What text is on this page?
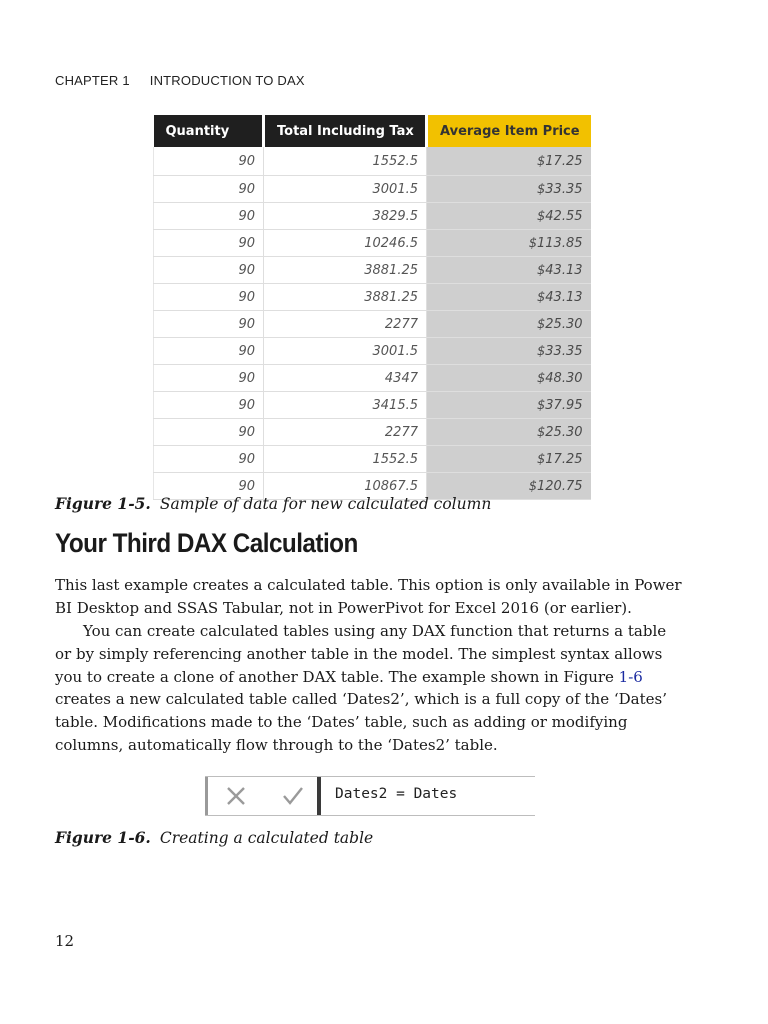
CHAPTER 1 INTRODUCTION TO DAX
Quantity	Total Including Tax	Average Item Price
90	1552.5	$17.25
90	3001.5	$33.35
90	3829.5	$42.55
90	10246.5	$113.85
90	3881.25	$43.13
90	3881.25	$43.13
90	2277	$25.30
90	3001.5	$33.35
90	4347	$48.30
90	3415.5	$37.95
90	2277	$25.30
90	1552.5	$17.25
90	10867.5	$120.75
Figure 1-5. Sample of data for new calculated column
Your Third DAX Calculation

This last example creates a calculated table. This option is only available in Power BI Desktop and SSAS Tabular, not in PowerPivot for Excel 2016 (or earlier).

You can create calculated tables using any DAX function that returns a table or by simply referencing another table in the model. The simplest syntax allows you to create a clone of another DAX table. The example shown in Figure 1-6 creates a new calculated table called ‘Dates2’, which is a full copy of the ‘Dates’ table. Modifications made to the ‘Dates’ table, such as adding or modifying columns, automatically flow through to the ‘Dates2’ table.

Dates2 = Dates
Figure 1-6. Creating a calculated table
12
